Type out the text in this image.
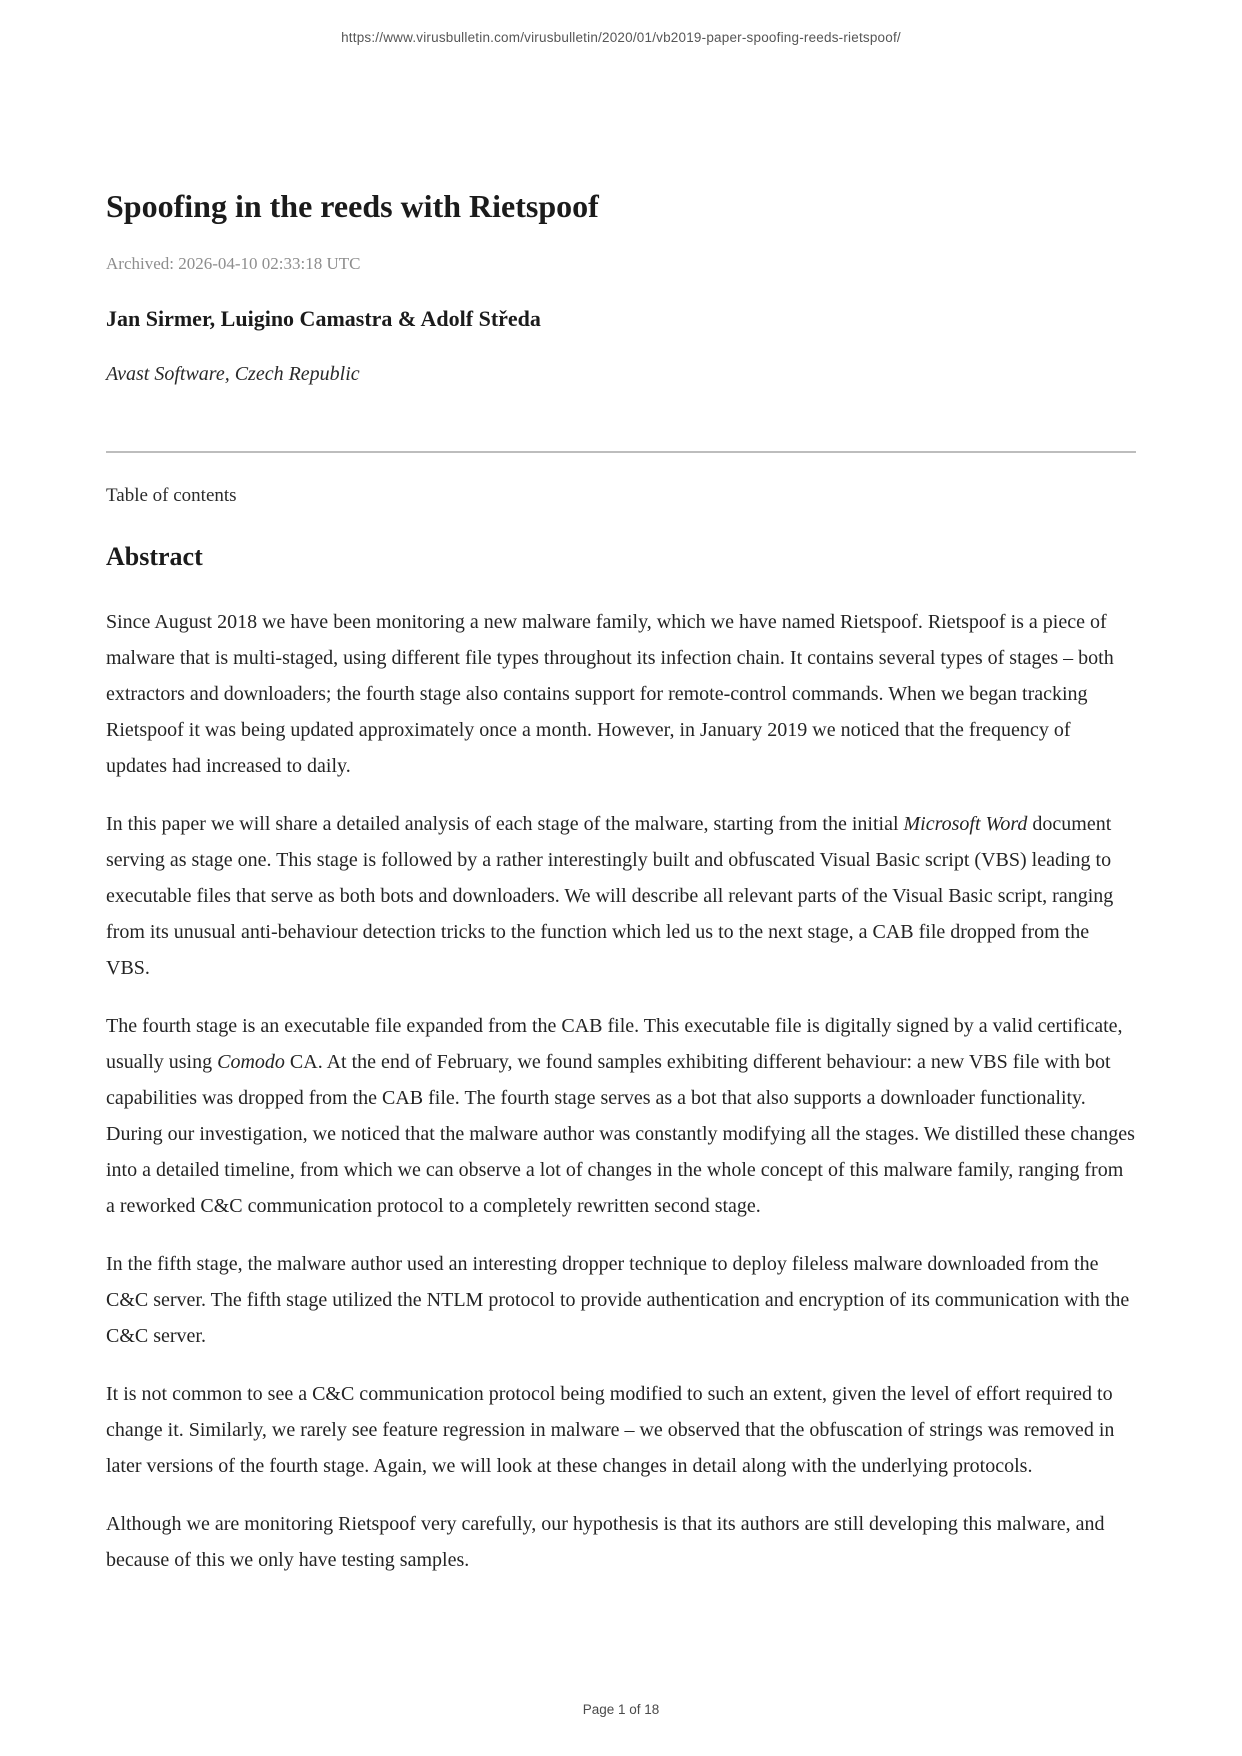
https://www.virusbulletin.com/virusbulletin/2020/01/vb2019-paper-spoofing-reeds-rietspoof/
Spoofing in the reeds with Rietspoof
Archived: 2026-04-10 02:33:18 UTC
Jan Sirmer, Luigino Camastra & Adolf Středa
Avast Software, Czech Republic
Table of contents
Abstract

Since August 2018 we have been monitoring a new malware family, which we have named Rietspoof. Rietspoof is a piece of malware that is multi-staged, using different file types throughout its infection chain. It contains several types of stages – both extractors and downloaders; the fourth stage also contains support for remote-control commands. When we began tracking Rietspoof it was being updated approximately once a month. However, in January 2019 we noticed that the frequency of updates had increased to daily.

In this paper we will share a detailed analysis of each stage of the malware, starting from the initial Microsoft Word document serving as stage one. This stage is followed by a rather interestingly built and obfuscated Visual Basic script (VBS) leading to executable files that serve as both bots and downloaders. We will describe all relevant parts of the Visual Basic script, ranging from its unusual anti-behaviour detection tricks to the function which led us to the next stage, a CAB file dropped from the VBS.

The fourth stage is an executable file expanded from the CAB file. This executable file is digitally signed by a valid certificate, usually using Comodo CA. At the end of February, we found samples exhibiting different behaviour: a new VBS file with bot capabilities was dropped from the CAB file. The fourth stage serves as a bot that also supports a downloader functionality. During our investigation, we noticed that the malware author was constantly modifying all the stages. We distilled these changes into a detailed timeline, from which we can observe a lot of changes in the whole concept of this malware family, ranging from a reworked C&C communication protocol to a completely rewritten second stage.

In the fifth stage, the malware author used an interesting dropper technique to deploy fileless malware downloaded from the C&C server. The fifth stage utilized the NTLM protocol to provide authentication and encryption of its communication with the C&C server.

It is not common to see a C&C communication protocol being modified to such an extent, given the level of effort required to change it. Similarly, we rarely see feature regression in malware – we observed that the obfuscation of strings was removed in later versions of the fourth stage. Again, we will look at these changes in detail along with the underlying protocols.

Although we are monitoring Rietspoof very carefully, our hypothesis is that its authors are still developing this malware, and because of this we only have testing samples.

Page 1 of 18
